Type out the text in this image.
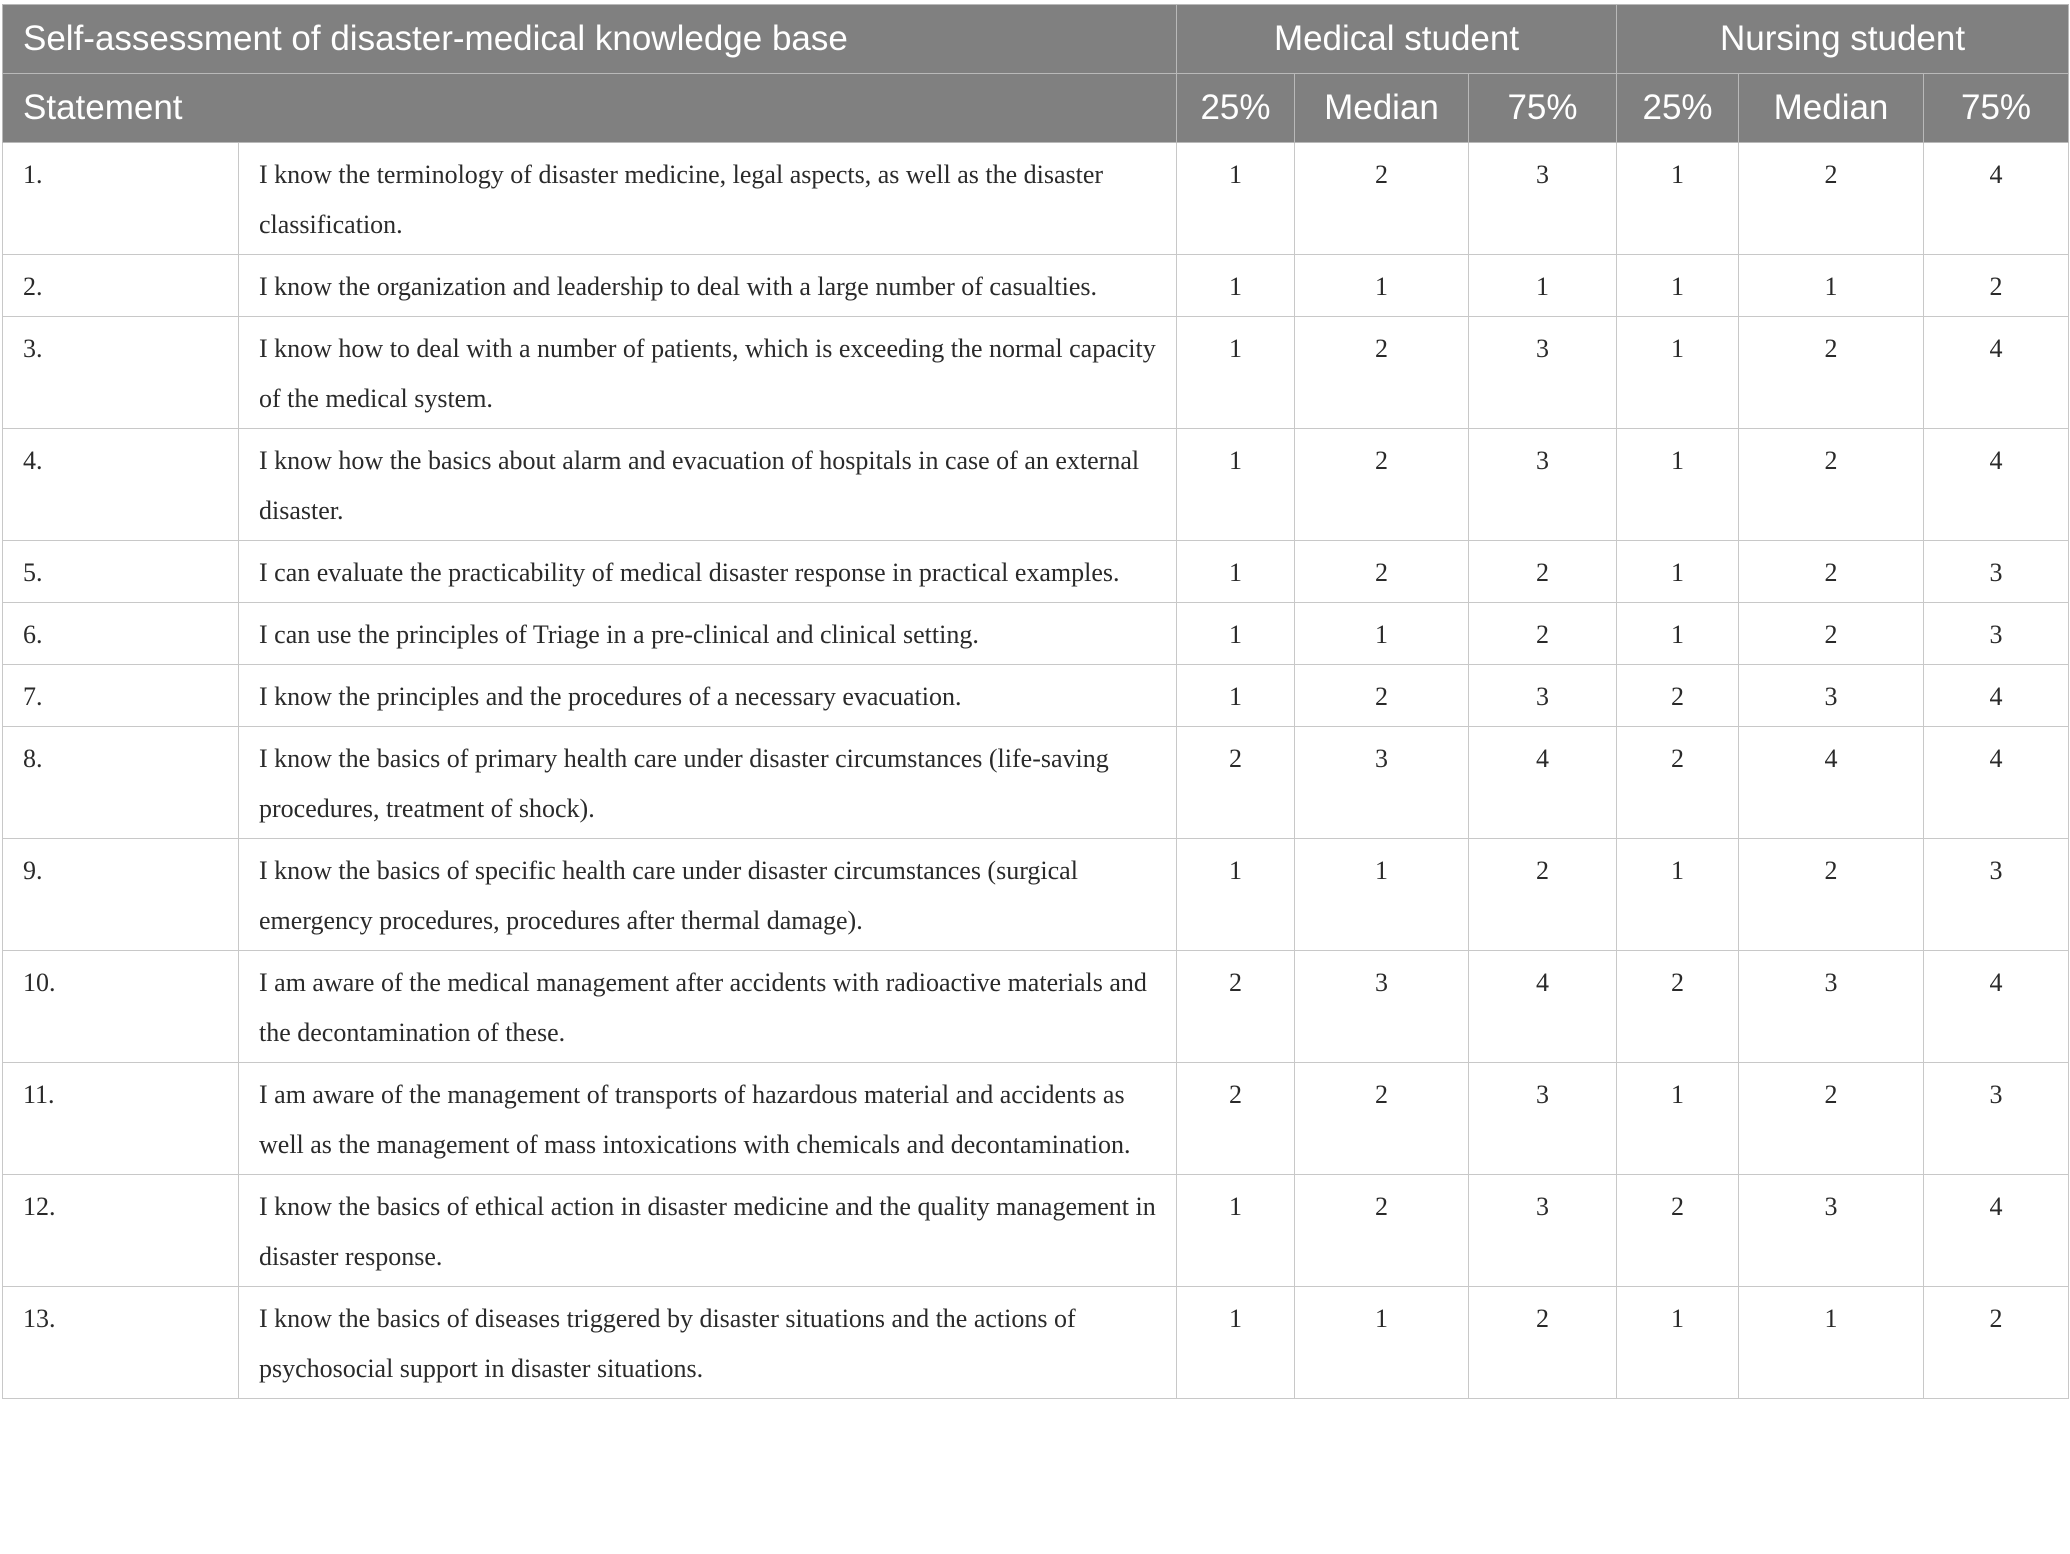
Self-assessment of disaster-medical knowledge base		Medical student			Nursing student		
Statement		25%	Median	75%	25%	Median	75%
1.	I know the terminology of disaster medicine, legal aspects, as well as the disaster classification.	1	2	3	1	2	4
2.	I know the organization and leadership to deal with a large number of casualties.	1	1	1	1	1	2
3.	I know how to deal with a number of patients, which is exceeding the normal capacity of the medical system.	1	2	3	1	2	4
4.	I know how the basics about alarm and evacuation of hospitals in case of an external disaster.	1	2	3	1	2	4
5.	I can evaluate the practicability of medical disaster response in practical examples.	1	2	2	1	2	3
6.	I can use the principles of Triage in a pre-clinical and clinical setting.	1	1	2	1	2	3
7.	I know the principles and the procedures of a necessary evacuation.	1	2	3	2	3	4
8.	I know the basics of primary health care under disaster circumstances (life-saving procedures, treatment of shock).	2	3	4	2	4	4
9.	I know the basics of specific health care under disaster circumstances (surgical emergency procedures, procedures after thermal damage).	1	1	2	1	2	3
10.	I am aware of the medical management after accidents with radioactive materials and the decontamination of these.	2	3	4	2	3	4
11.	I am aware of the management of transports of hazardous material and accidents as well as the management of mass intoxications with chemicals and decontamination.	2	2	3	1	2	3
12.	I know the basics of ethical action in disaster medicine and the quality management in disaster response.	1	2	3	2	3	4
13.	I know the basics of diseases triggered by disaster situations and the actions of psychosocial support in disaster situations.	1	1	2	1	1	2
